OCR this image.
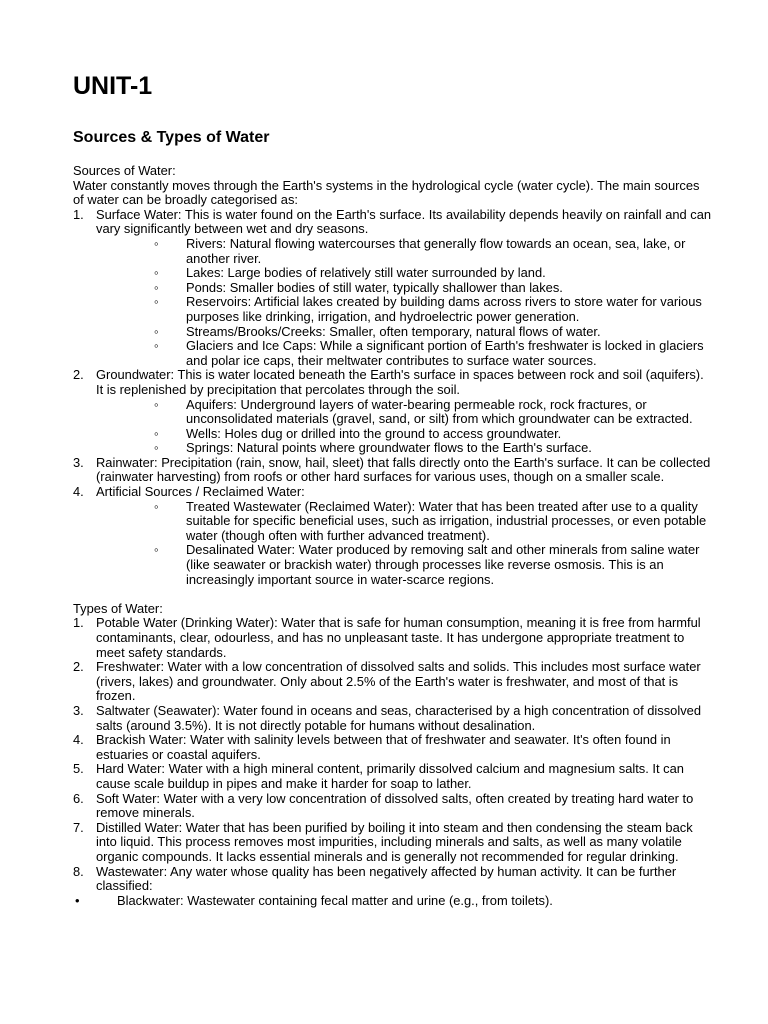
UNIT-1
Sources & Types of Water

Sources of Water:

Water constantly moves through the Earth's systems in the hydrological cycle (water cycle). The main sources of water can be broadly categorised as:

1. Surface Water: This is water found on the Earth's surface. Its availability depends heavily on rainfall and can vary significantly between wet and dry seasons.
◦ Rivers: Natural flowing watercourses that generally flow towards an ocean, sea, lake, or another river.
◦ Lakes: Large bodies of relatively still water surrounded by land.
◦ Ponds: Smaller bodies of still water, typically shallower than lakes.
◦ Reservoirs: Artificial lakes created by building dams across rivers to store water for various purposes like drinking, irrigation, and hydroelectric power generation.
◦ Streams/Brooks/Creeks: Smaller, often temporary, natural flows of water.
◦ Glaciers and Ice Caps: While a significant portion of Earth's freshwater is locked in glaciers and polar ice caps, their meltwater contributes to surface water sources.
2. Groundwater: This is water located beneath the Earth's surface in spaces between rock and soil (aquifers). It is replenished by precipitation that percolates through the soil.
◦ Aquifers: Underground layers of water-bearing permeable rock, rock fractures, or unconsolidated materials (gravel, sand, or silt) from which groundwater can be extracted.
◦ Wells: Holes dug or drilled into the ground to access groundwater.
◦ Springs: Natural points where groundwater flows to the Earth's surface.
3. Rainwater: Precipitation (rain, snow, hail, sleet) that falls directly onto the Earth's surface. It can be collected (rainwater harvesting) from roofs or other hard surfaces for various uses, though on a smaller scale.
4. Artificial Sources / Reclaimed Water:
◦ Treated Wastewater (Reclaimed Water): Water that has been treated after use to a quality suitable for specific beneficial uses, such as irrigation, industrial processes, or even potable water (though often with further advanced treatment).
◦ Desalinated Water: Water produced by removing salt and other minerals from saline water (like seawater or brackish water) through processes like reverse osmosis. This is an increasingly important source in water-scarce regions.

Types of Water:

1. Potable Water (Drinking Water): Water that is safe for human consumption, meaning it is free from harmful contaminants, clear, odourless, and has no unpleasant taste. It has undergone appropriate treatment to meet safety standards.
2. Freshwater: Water with a low concentration of dissolved salts and solids. This includes most surface water (rivers, lakes) and groundwater. Only about 2.5% of the Earth's water is freshwater, and most of that is frozen.
3. Saltwater (Seawater): Water found in oceans and seas, characterised by a high concentration of dissolved salts (around 3.5%). It is not directly potable for humans without desalination.
4. Brackish Water: Water with salinity levels between that of freshwater and seawater. It's often found in estuaries or coastal aquifers.
5. Hard Water: Water with a high mineral content, primarily dissolved calcium and magnesium salts. It can cause scale buildup in pipes and make it harder for soap to lather.
6. Soft Water: Water with a very low concentration of dissolved salts, often created by treating hard water to remove minerals.
7. Distilled Water: Water that has been purified by boiling it into steam and then condensing the steam back into liquid. This process removes most impurities, including minerals and salts, as well as many volatile organic compounds. It lacks essential minerals and is generally not recommended for regular drinking.
8. Wastewater: Any water whose quality has been negatively affected by human activity. It can be further classified:
•	Blackwater: Wastewater containing fecal matter and urine (e.g., from toilets).
